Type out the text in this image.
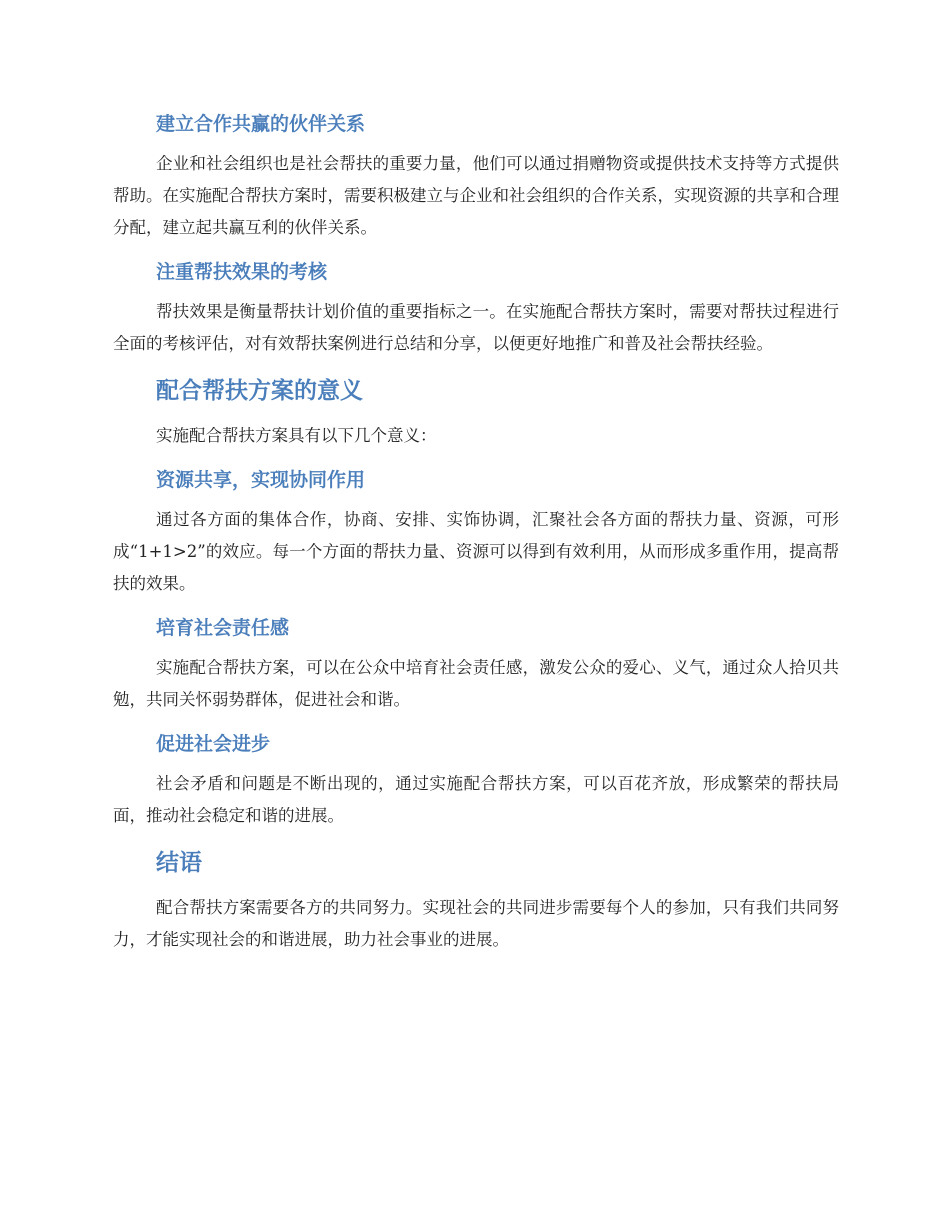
建立合作共赢的伙伴关系

企业和社会组织也是社会帮扶的重要力量，他们可以通过捐赠物资或提供技术支持等方式提供帮助。在实施配合帮扶方案时，需要积极建立与企业和社会组织的合作关系，实现资源的共享和合理分配，建立起共赢互利的伙伴关系。

注重帮扶效果的考核

帮扶效果是衡量帮扶计划价值的重要指标之一。在实施配合帮扶方案时，需要对帮扶过程进行全面的考核评估，对有效帮扶案例进行总结和分享，以便更好地推广和普及社会帮扶经验。

配合帮扶方案的意义

实施配合帮扶方案具有以下几个意义：

资源共享，实现协同作用

通过各方面的集体合作，协商、安排、实饰协调，汇聚社会各方面的帮扶力量、资源，可形成“1+1>2”的效应。每一个方面的帮扶力量、资源可以得到有效利用，从而形成多重作用，提高帮扶的效果。

培育社会责任感

实施配合帮扶方案，可以在公众中培育社会责任感，激发公众的爱心、义气，通过众人拾贝共勉，共同关怀弱势群体，促进社会和谐。

促进社会进步

社会矛盾和问题是不断出现的，通过实施配合帮扶方案，可以百花齐放，形成繁荣的帮扶局面，推动社会稳定和谐的进展。

结语

配合帮扶方案需要各方的共同努力。实现社会的共同进步需要每个人的参加，只有我们共同努力，才能实现社会的和谐进展，助力社会事业的进展。
